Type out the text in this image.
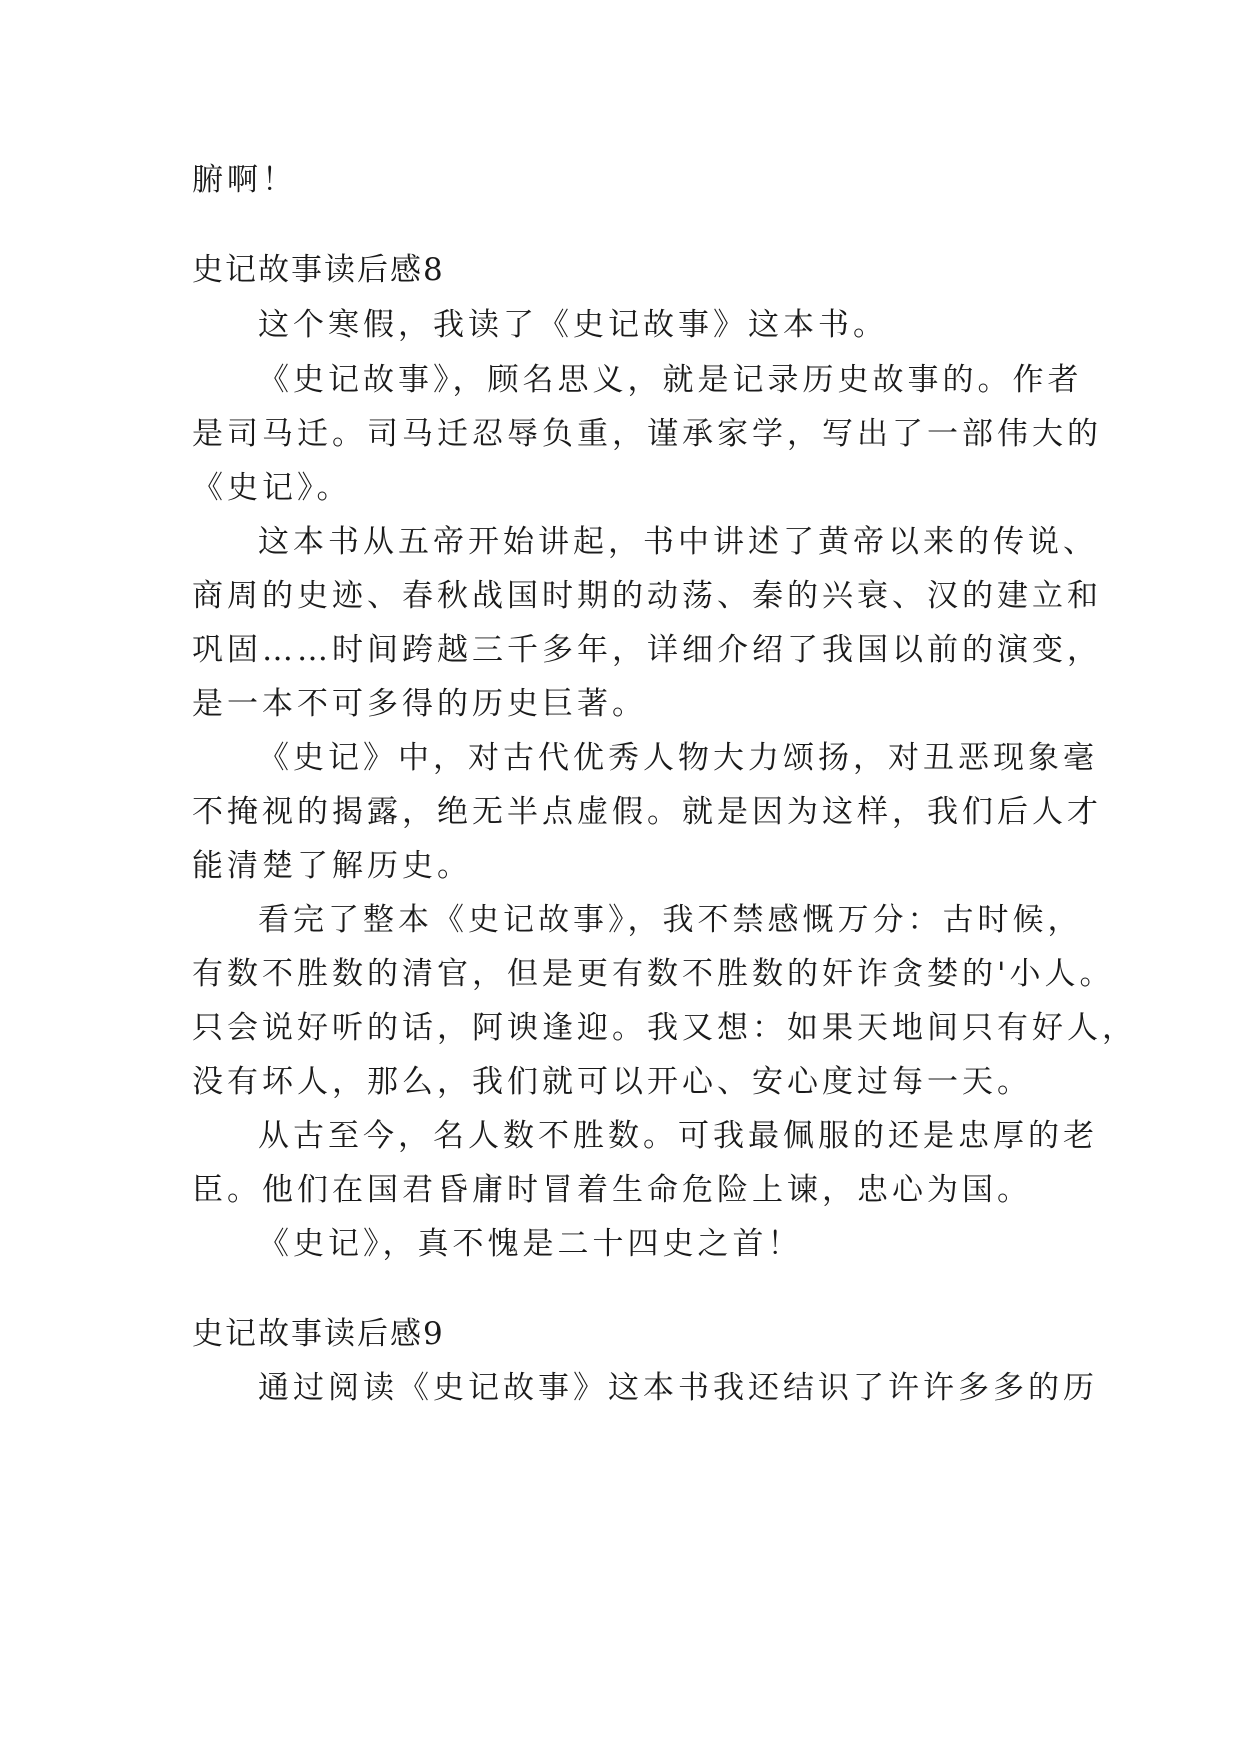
腑啊！
史记故事读后感8
这个寒假，我读了《史记故事》这本书。
《史记故事》，顾名思义，就是记录历史故事的。作者
是司马迁。司马迁忍辱负重，谨承家学，写出了一部伟大的
《史记》。
这本书从五帝开始讲起，书中讲述了黄帝以来的传说、
商周的史迹、春秋战国时期的动荡、秦的兴衰、汉的建立和
巩固……时间跨越三千多年，详细介绍了我国以前的演变，
是一本不可多得的历史巨著。
《史记》中，对古代优秀人物大力颂扬，对丑恶现象毫
不掩视的揭露，绝无半点虚假。就是因为这样，我们后人才
能清楚了解历史。
看完了整本《史记故事》，我不禁感慨万分：古时候，
有数不胜数的清官，但是更有数不胜数的奸诈贪婪的'小人。
只会说好听的话，阿谀逢迎。我又想：如果天地间只有好人，
没有坏人，那么，我们就可以开心、安心度过每一天。
从古至今，名人数不胜数。可我最佩服的还是忠厚的老
臣。他们在国君昏庸时冒着生命危险上谏，忠心为国。
《史记》，真不愧是二十四史之首！
史记故事读后感9
通过阅读《史记故事》这本书我还结识了许许多多的历
